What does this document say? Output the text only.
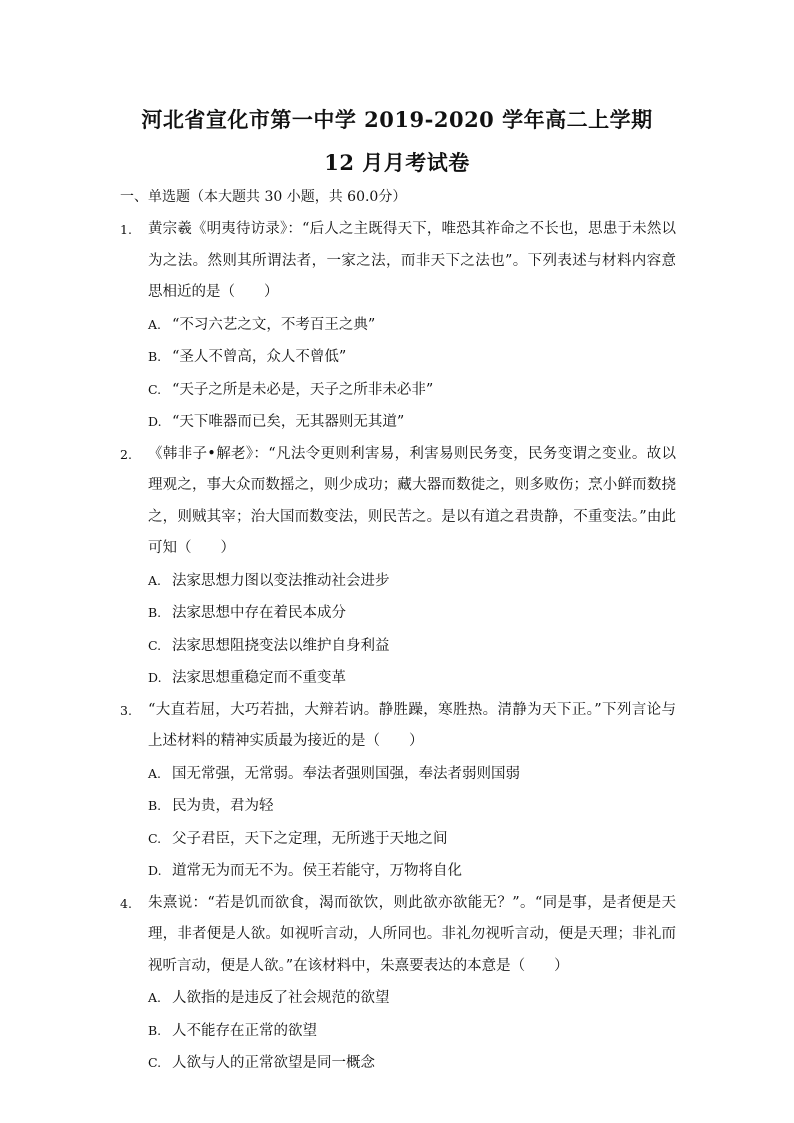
河北省宣化市第一中学 2019-2020 学年高二上学期
12 月月考试卷
一、单选题（本大题共 30 小题，共 60.0分）
1. 黄宗羲《明夷待访录》：“后人之主既得天下，唯恐其祚命之不长也，思患于未然以为之法。然则其所谓法者，一家之法，而非天下之法也”。下列表述与材料内容意思相近的是（　　）
A. “不习六艺之文，不考百王之典”
B. “圣人不曾高，众人不曾低”
C. “天子之所是未必是，天子之所非未必非”
D. “天下唯器而已矣，无其器则无其道”
2. 《韩非子•解老》：“凡法令更则利害易，利害易则民务变，民务变谓之变业。故以理观之，事大众而数摇之，则少成功；藏大器而数徙之，则多败伤；烹小鲜而数挠之，则贼其宰；治大国而数变法，则民苦之。是以有道之君贵静，不重变法。”由此可知（　　）
A. 法家思想力图以变法推动社会进步
B. 法家思想中存在着民本成分
C. 法家思想阻挠变法以维护自身利益
D. 法家思想重稳定而不重变革
3. “大直若屈，大巧若拙，大辩若讷。静胜躁，寒胜热。清静为天下正。”下列言论与上述材料的精神实质最为接近的是（　　）
A. 国无常强，无常弱。奉法者强则国强，奉法者弱则国弱
B. 民为贵，君为轻
C. 父子君臣，天下之定理，无所逃于天地之间
D. 道常无为而无不为。侯王若能守，万物将自化
4. 朱熹说：“若是饥而欲食，渴而欲饮，则此欲亦欲能无？”。“同是事，是者便是天理，非者便是人欲。如视听言动，人所同也。非礼勿视听言动，便是天理；非礼而视听言动，便是人欲。”在该材料中，朱熹要表达的本意是（　　）
A. 人欲指的是违反了社会规范的欲望
B. 人不能存在正常的欲望
C. 人欲与人的正常欲望是同一概念
